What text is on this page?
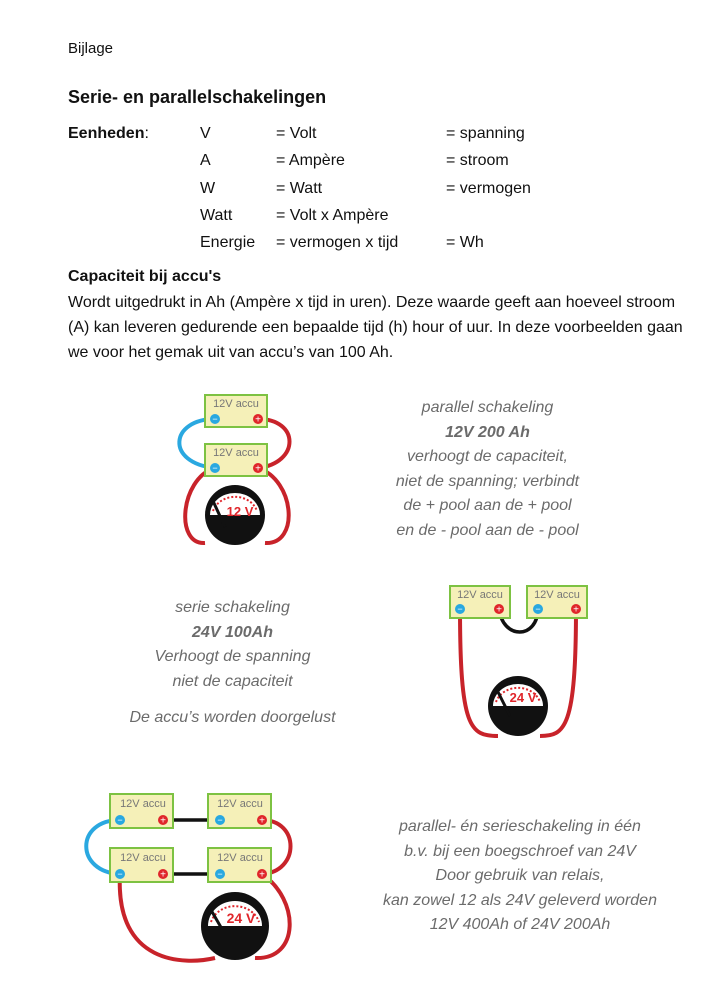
Bijlage
Serie- en parallelschakelingen
Eenheden:	V	= Volt	= spanning
A	= Ampère	= stroom
W	= Watt	= vermogen
Watt	= Volt x Ampère
Energie = vermogen x tijd	= Wh
Capaciteit bij accu's
Wordt uitgedrukt in Ah (Ampère x tijd in uren). Deze waarde geeft aan hoeveel stroom (A) kan leveren gedurende een bepaalde tijd (h) hour of uur. In deze voorbeelden gaan we voor het gemak uit van accu’s van 100 Ah.
12V accu
−	+
12V accu
−	+
12 V
parallel schakeling
12V 200 Ah
verhoogt de capaciteit,
niet de spanning; verbindt
de + pool aan de + pool
en de - pool aan de - pool
serie schakeling
24V 100Ah
Verhoogt de spanning
niet de capaciteit
De accu’s worden doorgelust
12V accu
−	+
12V accu
−	+
24 V
12V accu
−	+
12V accu
−	+
12V accu
−	+
12V accu
−	+
24 V
parallel- én serieschakeling in één
b.v. bij een boegschroef van 24V
Door gebruik van relais,
kan zowel 12 als 24V geleverd worden
12V 400Ah of 24V 200Ah
